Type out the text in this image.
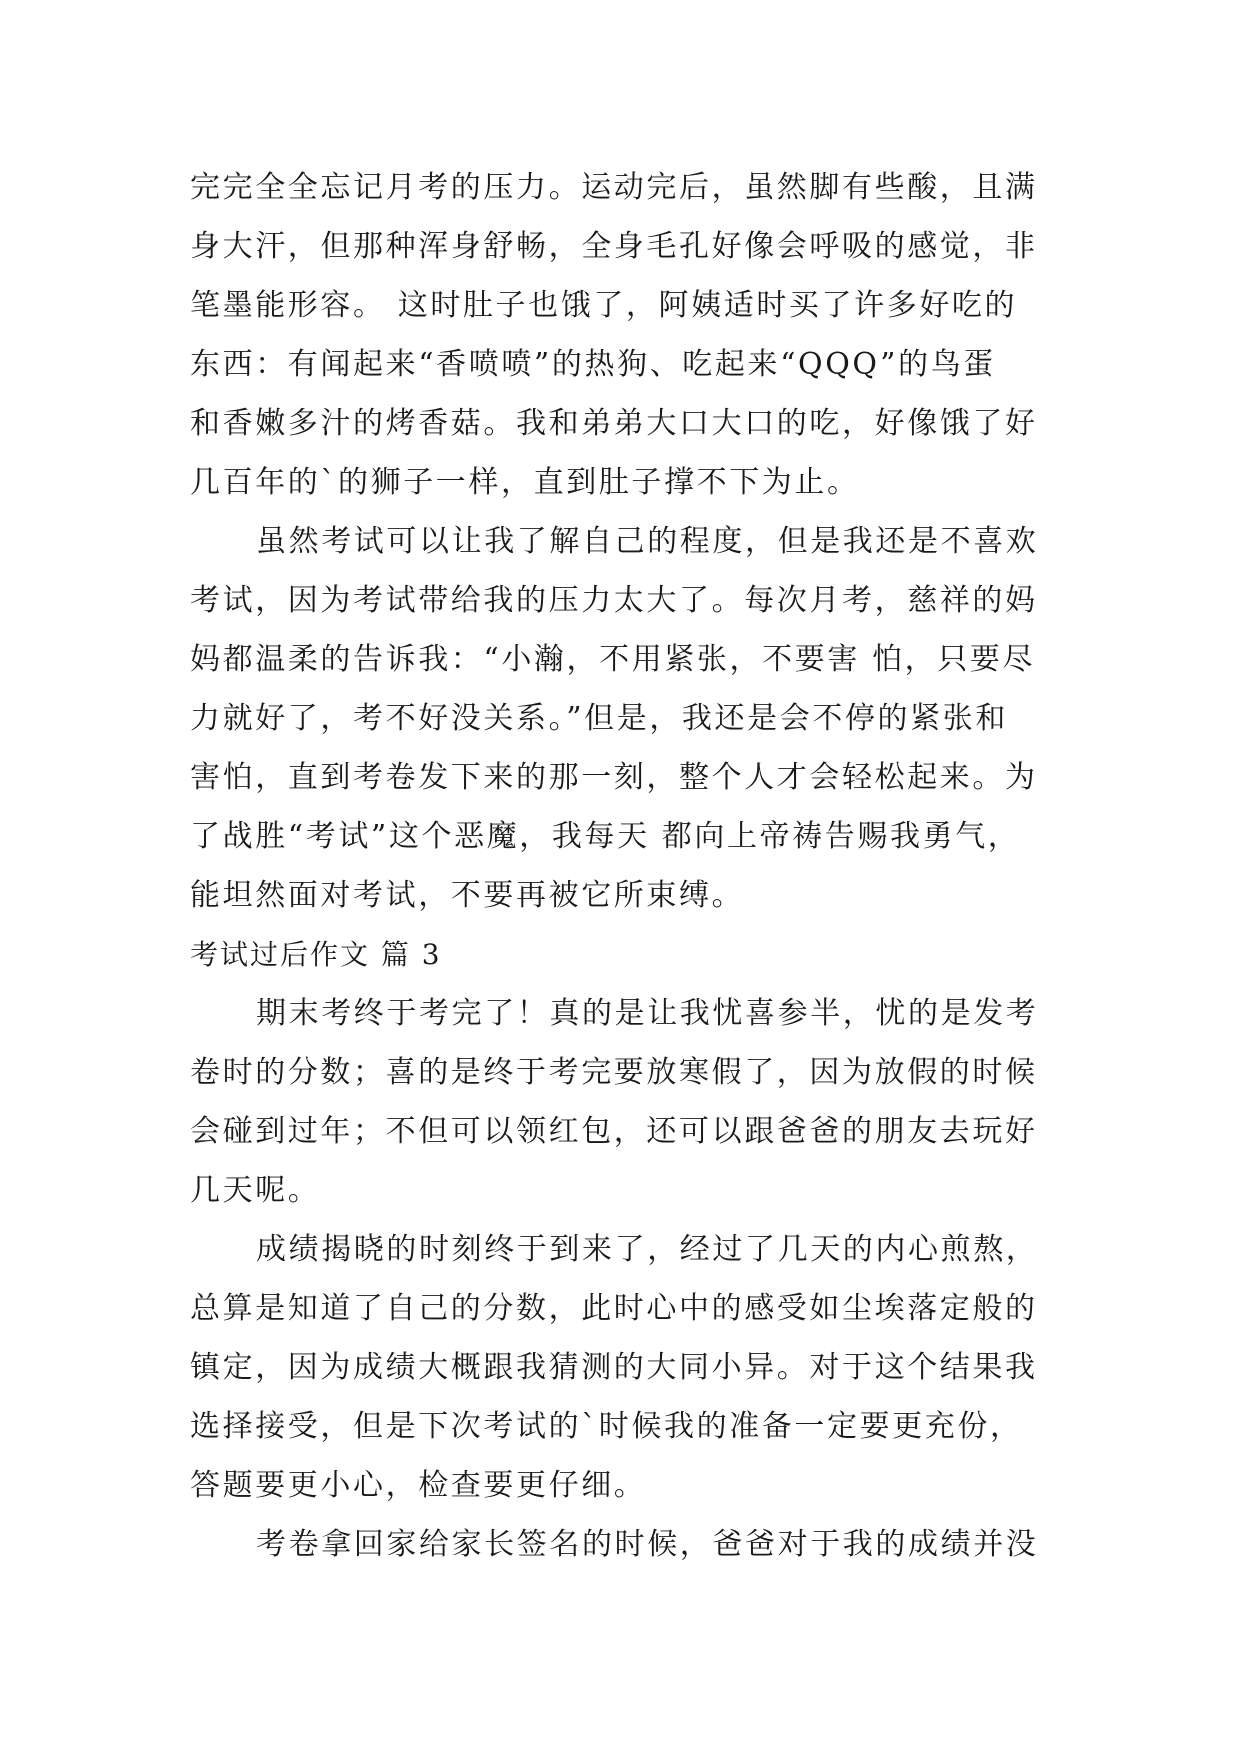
完完全全忘记月考的压力。运动完后，虽然脚有些酸，且满
身大汗，但那种浑身舒畅，全身毛孔好像会呼吸的感觉，非
笔墨能形容。 这时肚子也饿了，阿姨适时买了许多好吃的
东西：有闻起来“香喷喷”的热狗、吃起来“QQQ”的鸟蛋
和香嫩多汁的烤香菇。我和弟弟大口大口的吃，好像饿了好
几百年的`的狮子一样，直到肚子撑不下为止。
虽然考试可以让我了解自己的程度，但是我还是不喜欢
考试，因为考试带给我的压力太大了。每次月考，慈祥的妈
妈都温柔的告诉我：“小瀚，不用紧张，不要害 怕，只要尽
力就好了，考不好没关系。”但是，我还是会不停的紧张和
害怕，直到考卷发下来的那一刻，整个人才会轻松起来。为
了战胜“考试”这个恶魔，我每天 都向上帝祷告赐我勇气，
能坦然面对考试，不要再被它所束缚。
考试过后作文 篇 3
期末考终于考完了！真的是让我忧喜参半，忧的是发考
卷时的分数；喜的是终于考完要放寒假了，因为放假的时候
会碰到过年；不但可以领红包，还可以跟爸爸的朋友去玩好
几天呢。
成绩揭晓的时刻终于到来了，经过了几天的内心煎熬，
总算是知道了自己的分数，此时心中的感受如尘埃落定般的
镇定，因为成绩大概跟我猜测的大同小异。对于这个结果我
选择接受，但是下次考试的`时候我的准备一定要更充份，
答题要更小心，检查要更仔细。
考卷拿回家给家长签名的时候，爸爸对于我的成绩并没
